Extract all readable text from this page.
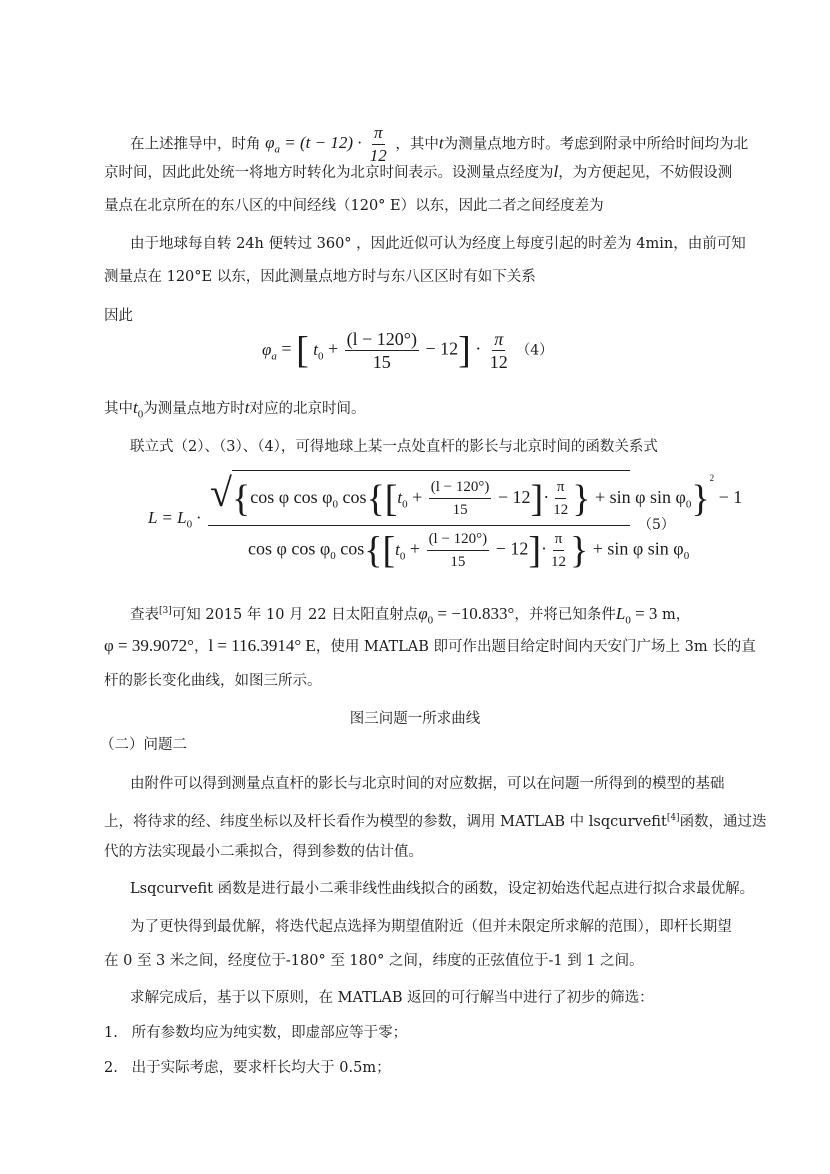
在上述推导中，时角 $\varphi_a = (t - 12) \cdot \frac{\pi}{12}$ ，其中t为测量点地方时。考虑到附录中所给时间均为北
京时间，因此此处统一将地方时转化为北京时间表示。设测量点经度为l，为方便起见，不妨假设测
量点在北京所在的东八区的中间经线（120° E）以东，因此二者之间经度差为
由于地球每自转 24h 便转过 360° ，因此近似可认为经度上每度引起的时差为 4min，由前可知
测量点在 120°E 以东，因此测量点地方时与东八区区时有如下关系
因此
$\varphi_a$ = [ $t_0 + \frac{(l - 120^\circ)}{15} - 12] \cdot \frac{\pi}{12} (4)$
其中$t_0$为测量点地方时t对应的北京时间。
联立式（2）、（3）、（4），可得地球上某一点处直杆的影长与北京时间的函数关系式
$L = L_0$ ·
√{cos φ $\cos \varphi_0$ $\cos\{[t_0 + \frac{(l - 120^\circ)}{15} - 12]\cdot \frac{\pi}{12}$ } + sin φ $\sin \varphi_0\}^2 - 1$
cos φ $\cos \varphi_0$ $\cos\{[t_0 + \frac{(l - 120^\circ)}{15} - 12]\cdot \frac{\pi}{12}$ } + sin φ $\sin \varphi_0$
（5）
查表[3]可知 2015 年 10 月 22 日太阳直射点$\varphi_0 = -10.833^\circ$，并将已知条件$L_0 = 3$ m，
φ = 39.9072°，l = 116.3914° E，使用 MATLAB 即可作出题目给定时间内天安门广场上 3m 长的直
杆的影长变化曲线，如图三所示。
图三问题一所求曲线
（二）问题二
由附件可以得到测量点直杆的影长与北京时间的对应数据，可以在问题一所得到的模型的基础
上，将待求的经、纬度坐标以及杆长看作为模型的参数，调用 MATLAB 中 lsqcurvefit[4]函数，通过迭
代的方法实现最小二乘拟合，得到参数的估计值。
Lsqcurvefit 函数是进行最小二乘非线性曲线拟合的函数，设定初始迭代起点进行拟合求最优解。
为了更快得到最优解，将迭代起点选择为期望值附近（但并未限定所求解的范围），即杆长期望
在 0 至 3 米之间，经度位于-180° 至 180° 之间，纬度的正弦值位于-1 到 1 之间。
求解完成后，基于以下原则，在 MATLAB 返回的可行解当中进行了初步的筛选：
1. 所有参数均应为纯实数，即虚部应等于零；
2. 出于实际考虑，要求杆长均大于 0.5m；
